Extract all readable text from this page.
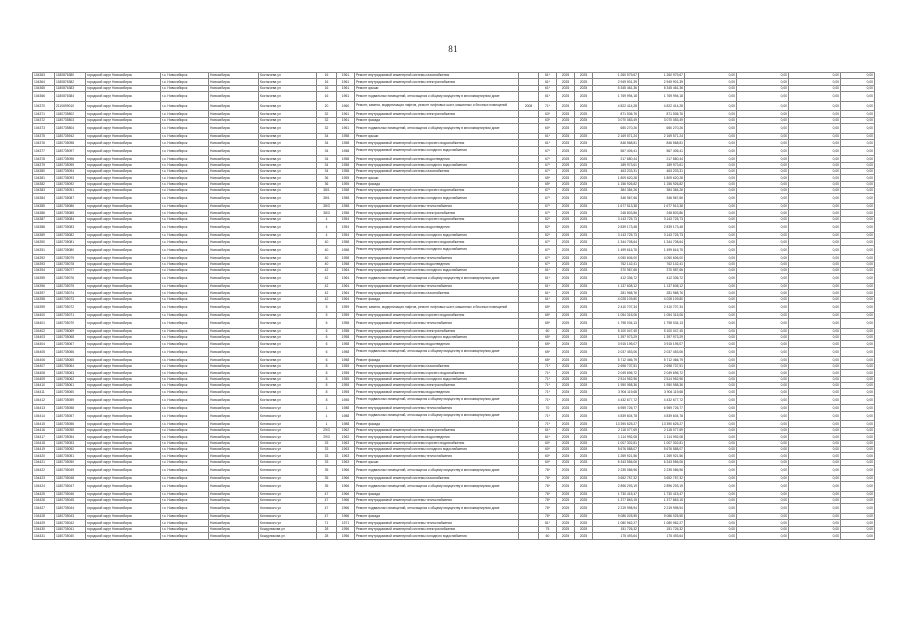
81
104363	1180876380	городской округ Новосибирск	г.о. Новосибирск	Новосибирск	Костычева ул	16	1961	Ремонт внутридомовой инженерной системы газоснабжения		61*	2025	2025	1 260 979,67	1 260 979,67	0,00	0,00	0,00	0,00
104364	1180876382	городской округ Новосибирск	г.о. Новосибирск	Новосибирск	Костычева ул	16	1961	Ремонт внутридомовой инженерной системы электроснабжения		61*	2025	2025	2 949 901,39	2 949 901,39	0,00	0,00	0,00	0,00
104365	1180876383	городской округ Новосибирск	г.о. Новосибирск	Новосибирск	Костычева ул	16	1961	Ремонт крыши		61*	2025	2025	5 345 461,36	5 345 461,36	0,00	0,00	0,00	0,00
104366	1180876384	городской округ Новосибирск	г.о. Новосибирск	Новосибирск	Костычева ул	16	1961	Ремонт подвальных помещений, относящихся к общему имуществу в многоквартирном доме		61*	2025	2025	1 769 994,18	1 769 994,18	0,00	0,00	0,00	0,00
104370	2110699010	городской округ Новосибирск	г.о. Новосибирск	Новосибирск	Костычева ул	20	1960	Ремонт, замена, модернизация лифтов, ремонт лифтовых шахт, машинных и блочных помещений	2008	71*	2025	2025	4 822 414,28	4 822 414,28	0,00	0,00	0,00	0,00
104371	1180735802	городской округ Новосибирск	г.о. Новосибирск	Новосибирск	Костычева ул	32	1961	Ремонт внутридомовой инженерной системы электроснабжения		63*	2025	2025	871 536,76	871 536,76	0,00	0,00	0,00	0,00
104372	1180735803	городской округ Новосибирск	г.о. Новосибирск	Новосибирск	Костычева ул	32	1961	Ремонт фасада		63*	2025	2025	3 070 083,49	3 070 083,49	0,00	0,00	0,00	0,00
104373	1180735804	городской округ Новосибирск	г.о. Новосибирск	Новосибирск	Костычева ул	32	1961	Ремонт подвальных помещений, относящихся к общему имуществу в многоквартирном доме		60*	2025	2025	650 270,26	650 270,26	0,00	0,00	0,00	0,00
104375	1180735942	городской округ Новосибирск	г.о. Новосибирск	Новосибирск	Костычева ул	34	1958	Ремонт крыши		61*	2025	2025	2 169 571,24	2 169 571,24	0,00	0,00	0,00	0,00
104376	1180735098	городской округ Новосибирск	г.о. Новосибирск	Новосибирск	Костычева ул	34	1958	Ремонт внутридомовой инженерной системы горячего водоснабжения		61*	2025	2025	846 568,81	846 568,81	0,00	0,00	0,00	0,00
104377	1180735097	городской округ Новосибирск	г.о. Новосибирск	Новосибирск	Костычева ул	34	1958	Ремонт внутридомовой инженерной системы холодного водоснабжения		67*	2025	2025	567 406,41	567 406,41	0,00	0,00	0,00	0,00
104378	1180735096	городской округ Новосибирск	г.о. Новосибирск	Новосибирск	Костычева ул	34	1958	Ремонт внутридомовой инженерной системы водоотведения		67*	2025	2025	217 880,44	217 880,44	0,00	0,00	0,00	0,00
104379	1180735095	городской округ Новосибирск	г.о. Новосибирск	Новосибирск	Костычева ул	34	1958	Ремонт внутридомовой инженерной системы холодного водоснабжения		67*	2025	2025	189 973,61	189 973,61	0,00	0,00	0,00	0,00
104380	1180735094	городской округ Новосибирск	г.о. Новосибирск	Новосибирск	Костычева ул	34	1958	Ремонт внутридомовой инженерной системы газоснабжения		67*	2025	2025	463 203,31	463 203,31	0,00	0,00	0,00	0,00
104381	1180735093	городской округ Новосибирск	г.о. Новосибирск	Новосибирск	Костычева ул	36	1955	Ремонт крыши		65*	2025	2025	1 809 620,28	1 809 620,28	0,00	0,00	0,00	0,00
104382	1180735092	городской округ Новосибирск	г.о. Новосибирск	Новосибирск	Костычева ул	36	1955	Ремонт фасада		65*	2025	2025	1 156 926,82	1 156 926,82	0,00	0,00	0,00	0,00
104383	1180735091	городской округ Новосибирск	г.о. Новосибирск	Новосибирск	Костычева ул	38/1	1958	Ремонт внутридомовой инженерной системы горячего водоснабжения		67*	2025	2025	384 384,26	384 384,26	0,00	0,00	0,00	0,00
104384	1180735087	городской округ Новосибирск	г.о. Новосибирск	Новосибирск	Костычева ул	38/1	1958	Ремонт внутридомовой инженерной системы холодного водоснабжения		67*	2025	2025	346 967,66	346 967,66	0,00	0,00	0,00	0,00
104385	1180735086	городской округ Новосибирск	г.о. Новосибирск	Новосибирск	Костычева ул	38/3	1958	Ремонт внутридомовой инженерной системы теплоснабжения		67*	2025	2025	1 677 513,38	1 677 513,38	0,00	0,00	0,00	0,00
104386	1180735085	городской округ Новосибирск	г.о. Новосибирск	Новосибирск	Костычева ул	38/3	1958	Ремонт внутридомовой инженерной системы электроснабжения		67*	2025	2025	248 803,86	248 803,86	0,00	0,00	0,00	0,00
104387	1180735084	городской округ Новосибирск	г.о. Новосибирск	Новосибирск	Костычева ул	4	1954	Ремонт внутридомовой инженерной системы горячего водоснабжения		82*	2025	2025	3 143 725,73	3 143 725,73	0,00	0,00	0,00	0,00
104388	1180735083	городской округ Новосибирск	г.о. Новосибирск	Новосибирск	Костычева ул	4	1954	Ремонт внутридомовой инженерной системы водоотведения		82*	2025	2025	2 839 173,48	2 839 173,48	0,00	0,00	0,00	0,00
104389	1180735082	городской округ Новосибирск	г.о. Новосибирск	Новосибирск	Костычева ул	4	1954	Ремонт внутридомовой инженерной системы холодного водоснабжения		82*	2025	2025	3 143 725,73	3 143 725,73	0,00	0,00	0,00	0,00
104390	1180735081	городской округ Новосибирск	г.о. Новосибирск	Новосибирск	Костычева ул	40	1958	Ремонт внутридомовой инженерной системы горячего водоснабжения		67*	2025	2025	1 344 708,64	1 344 708,64	0,00	0,00	0,00	0,00
104391	1180735080	городской округ Новосибирск	г.о. Новосибирск	Новосибирск	Костычева ул	40	1958	Ремонт внутридомовой инженерной системы холодного водоснабжения		67*	2025	2025	1 499 616,75	1 499 616,75	0,00	0,00	0,00	0,00
104392	1180735079	городской округ Новосибирск	г.о. Новосибирск	Новосибирск	Костычева ул	40	1958	Ремонт внутридомовой инженерной системы теплоснабжения		67*	2025	2025	4 050 606,00	4 050 606,00	0,00	0,00	0,00	0,00
104393	1180735078	городской округ Новосибирск	г.о. Новосибирск	Новосибирск	Костычева ул	40	1958	Ремонт внутридомовой инженерной системы водоотведения		67*	2025	2025	762 142,41	762 142,41	0,00	0,00	0,00	0,00
104394	1180735077	городской округ Новосибирск	г.о. Новосибирск	Новосибирск	Костычева ул	42	1964	Ремонт внутридомовой инженерной системы холодного водоснабжения		61*	2025	2025	370 987,66	370 987,66	0,00	0,00	0,00	0,00
104395	1180735076	городской округ Новосибирск	г.о. Новосибирск	Новосибирск	Костычева ул	42	1964	Ремонт подвальных помещений, относящихся к общему имуществу в многоквартирном доме		61*	2025	2025	412 336,72	412 336,72	0,00	0,00	0,00	0,00
104396	1180735075	городской округ Новосибирск	г.о. Новосибирск	Новосибирск	Костычева ул	42	1964	Ремонт внутридомовой инженерной системы теплоснабжения		61*	2025	2025	1 137 608,12	1 137 608,12	0,00	0,00	0,00	0,00
104397	1180735074	городской округ Новосибирск	г.о. Новосибирск	Новосибирск	Костычева ул	42	1964	Ремонт внутридомовой инженерной системы газоснабжения		61*	2025	2025	281 968,76	281 968,76	0,00	0,00	0,00	0,00
104398	1180735073	городской округ Новосибирск	г.о. Новосибирск	Новосибирск	Костычева ул	42	1964	Ремонт фасада		61*	2025	2025	4 028 109,80	4 028 109,80	0,00	0,00	0,00	0,00
104399	1180735072	городской округ Новосибирск	г.о. Новосибирск	Новосибирск	Костычева ул	5	1959	Ремонт, замена, модернизация лифтов, ремонт лифтовых шахт, машинных и блочных помещений		65*	2025	2025	2 410 707,34	2 410 707,34	0,00	0,00	0,00	0,00
104400	1180735071	городской округ Новосибирск	г.о. Новосибирск	Новосибирск	Костычева ул	5	1959	Ремонт внутридомовой инженерной системы горячего водоснабжения		65*	2025	2025	1 054 315,06	1 054 315,06	0,00	0,00	0,00	0,00
104401	1180735070	городской округ Новосибирск	г.о. Новосибирск	Новосибирск	Костычева ул	6	1958	Ремонт внутридомовой инженерной системы теплоснабжения		65*	2025	2025	1 798 034,13	1 798 034,13	0,00	0,00	0,00	0,00
104402	1180735069	городской округ Новосибирск	г.о. Новосибирск	Новосибирск	Костычева ул	6	1958	Ремонт внутридомовой инженерной системы электроснабжения		60	2025	2025	5 100 047,45	5 100 047,45	0,00	0,00	0,00	0,00
104403	1180735068	городской округ Новосибирск	г.о. Новосибирск	Новосибирск	Костычева ул	6	1958	Ремонт внутридомовой инженерной системы холодного водоснабжения		65*	2025	2025	1 397 973,29	1 397 973,29	0,00	0,00	0,00	0,00
104404	1180735067	городской округ Новосибирск	г.о. Новосибирск	Новосибирск	Костычева ул	6	1958	Ремонт внутридомовой инженерной системы водоотведения		65*	2025	2025	3 915 195,07	3 915 195,07	0,00	0,00	0,00	0,00
104405	1180735066	городской округ Новосибирск	г.о. Новосибирск	Новосибирск	Костычева ул	6	1958	Ремонт подвальных помещений, относящихся к общему имуществу в многоквартирном доме		65*	2025	2025	2 037 453,06	2 037 453,06	0,00	0,00	0,00	0,00
104406	1180735065	городской округ Новосибирск	г.о. Новосибирск	Новосибирск	Костычева ул	6	1958	Ремонт фасада		65*	2025	2025	5 712 466,79	5 712 466,79	0,00	0,00	0,00	0,00
104407	1180735064	городской округ Новосибирск	г.о. Новосибирск	Новосибирск	Костычева ул	8	1955	Ремонт внутридомовой инженерной системы газоснабжения		71*	2025	2025	2 698 737,51	2 698 737,51	0,00	0,00	0,00	0,00
104408	1180735063	городской округ Новосибирск	г.о. Новосибирск	Новосибирск	Костычева ул	8	1955	Ремонт внутридомовой инженерной системы горячего водоснабжения		71*	2025	2025	2 049 696,72	2 049 696,72	0,00	0,00	0,00	0,00
104409	1180735062	городской округ Новосибирск	г.о. Новосибирск	Новосибирск	Костычева ул	8	1955	Ремонт внутридомовой инженерной системы холодного водоснабжения		71*	2025	2025	2 514 952,96	2 514 952,96	0,00	0,00	0,00	0,00
104410	1180735061	городской округ Новосибирск	г.о. Новосибирск	Новосибирск	Костычева ул	8	1955	Ремонт внутридомовой инженерной системы электроснабжения		71*	2025	2025	1 950 958,36	1 950 958,36	0,00	0,00	0,00	0,00
104411	1180735060	городской округ Новосибирск	г.о. Новосибирск	Новосибирск	Костычева ул	8	1955	Ремонт внутридомовой инженерной системы водоотведения		71*	2025	2025	3 904 119,68	3 904 119,68	0,00	0,00	0,00	0,00
104412	1180735059	городской округ Новосибирск	г.о. Новосибирск	Новосибирск	Костычева ул	8	1955	Ремонт подвальных помещений, относящихся к общему имуществу в многоквартирном доме		71*	2025	2025	4 432 677,72	4 432 677,72	0,00	0,00	0,00	0,00
104413	1180735058	городской округ Новосибирск	г.о. Новосибирск	Новосибирск	Котовского ул	1	1988	Ремонт внутридомовой инженерной системы теплоснабжения		70	2025	2025	6 959 726,77	6 959 726,77	0,00	0,00	0,00	0,00
104414	1180735057	городской округ Новосибирск	г.о. Новосибирск	Новосибирск	Котовского ул	1	1988	Ремонт подвальных помещений, относящихся к общему имуществу в многоквартирном доме		71*	2025	2025	4 839 604,78	4 839 604,78	0,00	0,00	0,00	0,00
104415	1180735056	городской округ Новосибирск	г.о. Новосибирск	Новосибирск	Котовского ул	1	1988	Ремонт фасада		71*	2025	2025	13 390 625,27	13 390 625,27	0,00	0,00	0,00	0,00
104416	1180735055	городской округ Новосибирск	г.о. Новосибирск	Новосибирск	Котовского ул	29/3	1962	Ремонт внутридомовой инженерной системы электроснабжения		61*	2025	2025	2 118 077,69	2 118 077,69	0,00	0,00	0,00	0,00
104417	1180735054	городской округ Новосибирск	г.о. Новосибирск	Новосибирск	Котовского ул	29/3	1962	Ремонт внутридомовой инженерной системы водоотведения		61*	2025	2025	1 114 992,08	1 114 992,08	0,00	0,00	0,00	0,00
104418	1180735053	городской округ Новосибирск	г.о. Новосибирск	Новосибирск	Котовского ул	33	1963	Ремонт внутридомовой инженерной системы горячего водоснабжения		60*	2025	2025	1 007 302,81	1 007 302,81	0,00	0,00	0,00	0,00
104419	1180735052	городской округ Новосибирск	г.о. Новосибирск	Новосибирск	Котовского ул	33	1963	Ремонт внутридомовой инженерной системы холодного водоснабжения		60*	2025	2025	5 676 588,07	5 676 588,07	0,00	0,00	0,00	0,00
104420	1180735051	городской округ Новосибирск	г.о. Новосибирск	Новосибирск	Котовского ул	33	1963	Ремонт внутридомовой инженерной системы теплоснабжения		60*	2025	2025	1 269 921,56	1 269 921,56	0,00	0,00	0,00	0,00
104421	1180735050	городской округ Новосибирск	г.о. Новосибирск	Новосибирск	Котовского ул	33	1963	Ремонт крыши		60*	2025	2025	6 343 556,06	6 343 556,06	0,00	0,00	0,00	0,00
104422	1180735049	городской округ Новосибирск	г.о. Новосибирск	Новосибирск	Котовского ул	35	1966	Ремонт подвальных помещений, относящихся к общему имуществу в многоквартирном доме		76*	2025	2025	2 235 086,96	2 235 086,96	0,00	0,00	0,00	0,00
104423	1180735048	городской округ Новосибирск	г.о. Новосибирск	Новосибирск	Котовского ул	35	1966	Ремонт внутридомовой инженерной системы газоснабжения		76*	2025	2025	3 652 757,32	3 652 757,32	0,00	0,00	0,00	0,00
104424	1180735047	городской округ Новосибирск	г.о. Новосибирск	Новосибирск	Котовского ул	35	1966	Ремонт подвальных помещений, относящихся к общему имуществу в многоквартирном доме		76*	2025	2025	2 896 293,19	2 896 293,19	0,00	0,00	0,00	0,00
104425	1180735046	городской округ Новосибирск	г.о. Новосибирск	Новосибирск	Котовского ул	47	1966	Ремонт фасада		76*	2025	2025	1 730 415,47	1 730 415,47	0,00	0,00	0,00	0,00
104426	1180735045	городской округ Новосибирск	г.о. Новосибирск	Новосибирск	Котовского ул	47	1966	Ремонт внутридомовой инженерной системы теплоснабжения		76*	2025	2025	1 377 863,15	1 377 863,15	0,00	0,00	0,00	0,00
104427	1180735044	городской округ Новосибирск	г.о. Новосибирск	Новосибирск	Котовского ул	47	1966	Ремонт подвальных помещений, относящихся к общему имуществу в многоквартирном доме		76*	2025	2025	2 219 998,94	2 219 998,94	0,00	0,00	0,00	0,00
104428	1180735043	городской округ Новосибирск	г.о. Новосибирск	Новосибирск	Котовского ул	47	1966	Ремонт фасада		76*	2025	2025	9 086 025,55	9 086 025,55	0,00	0,00	0,00	0,00
104429	1180735042	городской округ Новосибирск	г.о. Новосибирск	Новосибирск	Котовского ул	71	1971	Ремонт внутридомовой инженерной системы теплоснабжения		81*	2025	2025	1 080 962,27	1 080 962,27	0,00	0,00	0,00	0,00
104430	1180735041	городской округ Новосибирск	г.о. Новосибирск	Новосибирск	Кошурникова ул	28	1956	Ремонт внутридомовой инженерной системы электроснабжения		75	2025	2025	151 726,32	151 726,32	0,00	0,00	0,00	0,00
104431	1180735040	городской округ Новосибирск	г.о. Новосибирск	Новосибирск	Кошурникова ул	28	1956	Ремонт внутридомовой инженерной системы холодного водоснабжения		60	2025	2025	175 493,64	175 493,64	0,00	0,00	0,00	0,00
